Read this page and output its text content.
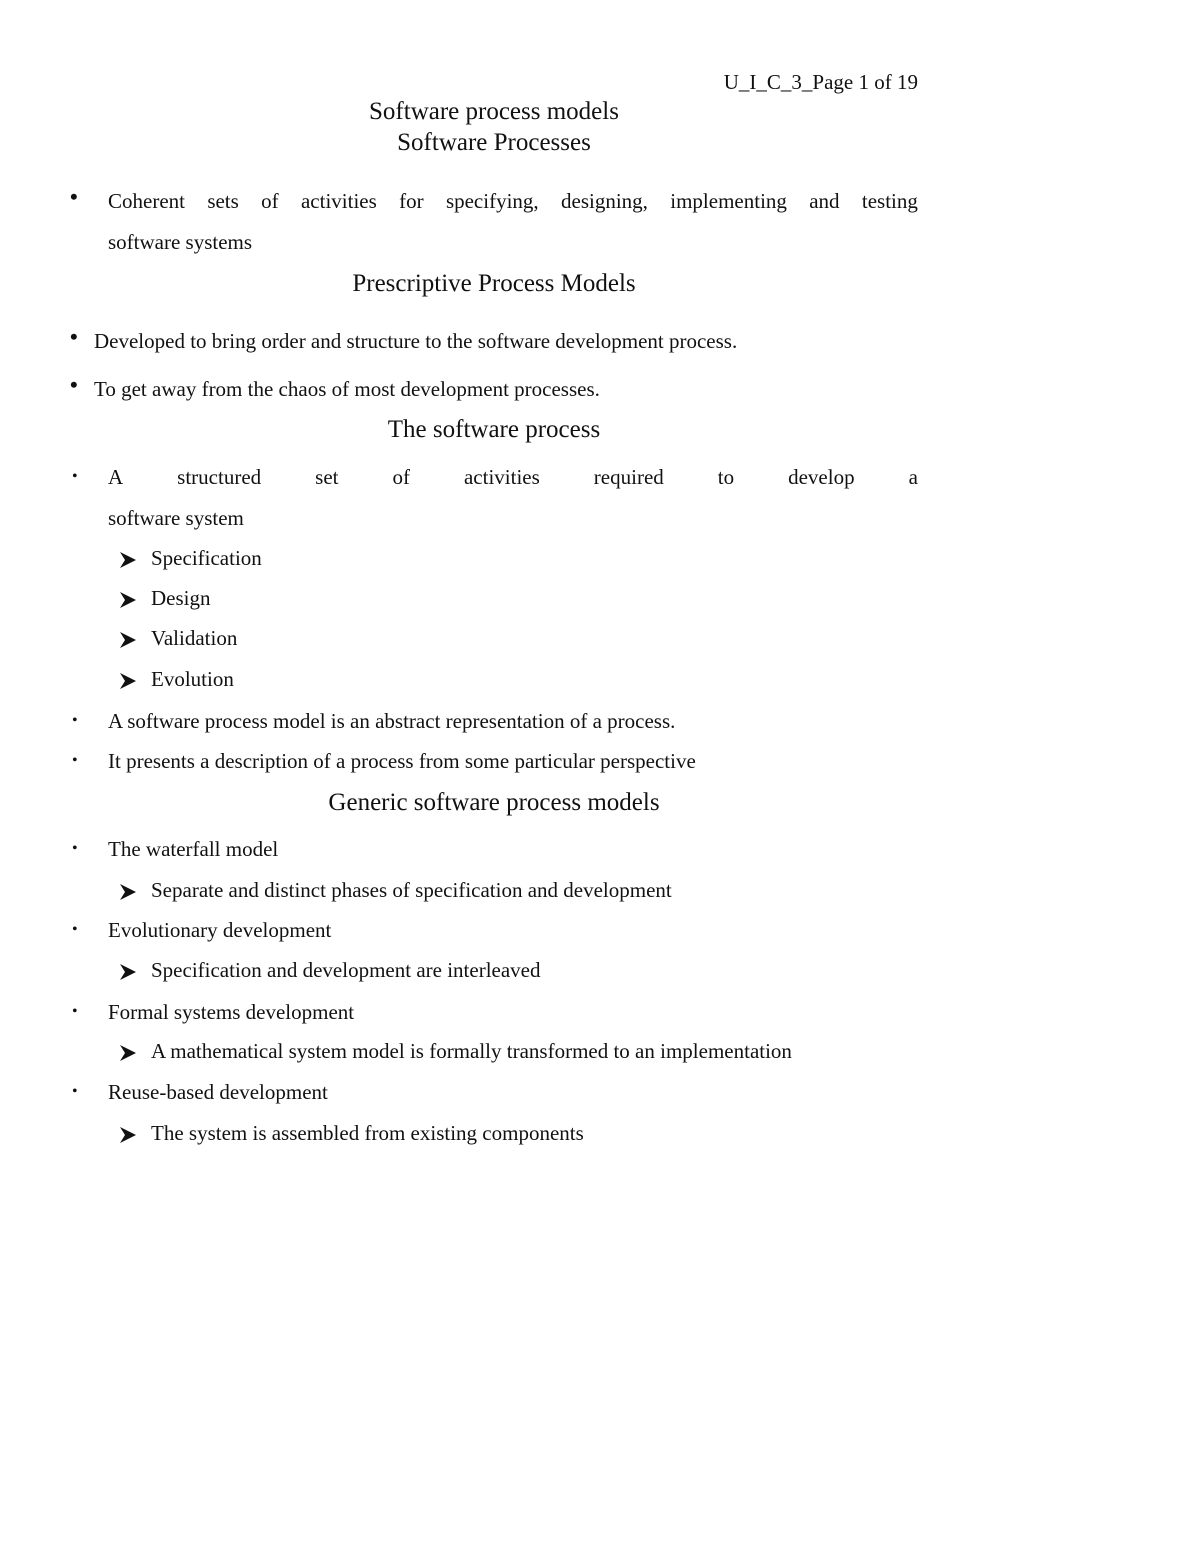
U_I_C_3_Page 1 of 19
Software process models
Software Processes
• Coherent sets of activities for specifying, designing, implementing and testing
software systems
Prescriptive Process Models
• Developed to bring order and structure to the software development process.
• To get away from the chaos of most development processes.
The software process
• A	structured	set	of	activities	required	to	develop	a
software system
Specification
Design
Validation
Evolution
• A software process model is an abstract representation of a process.
• It presents a description of a process from some particular perspective
Generic software process models
• The waterfall model
Separate and distinct phases of specification and development
• Evolutionary development
Specification and development are interleaved
• Formal systems development
A mathematical system model is formally transformed to an implementation
• Reuse-based development
The system is assembled from existing components
